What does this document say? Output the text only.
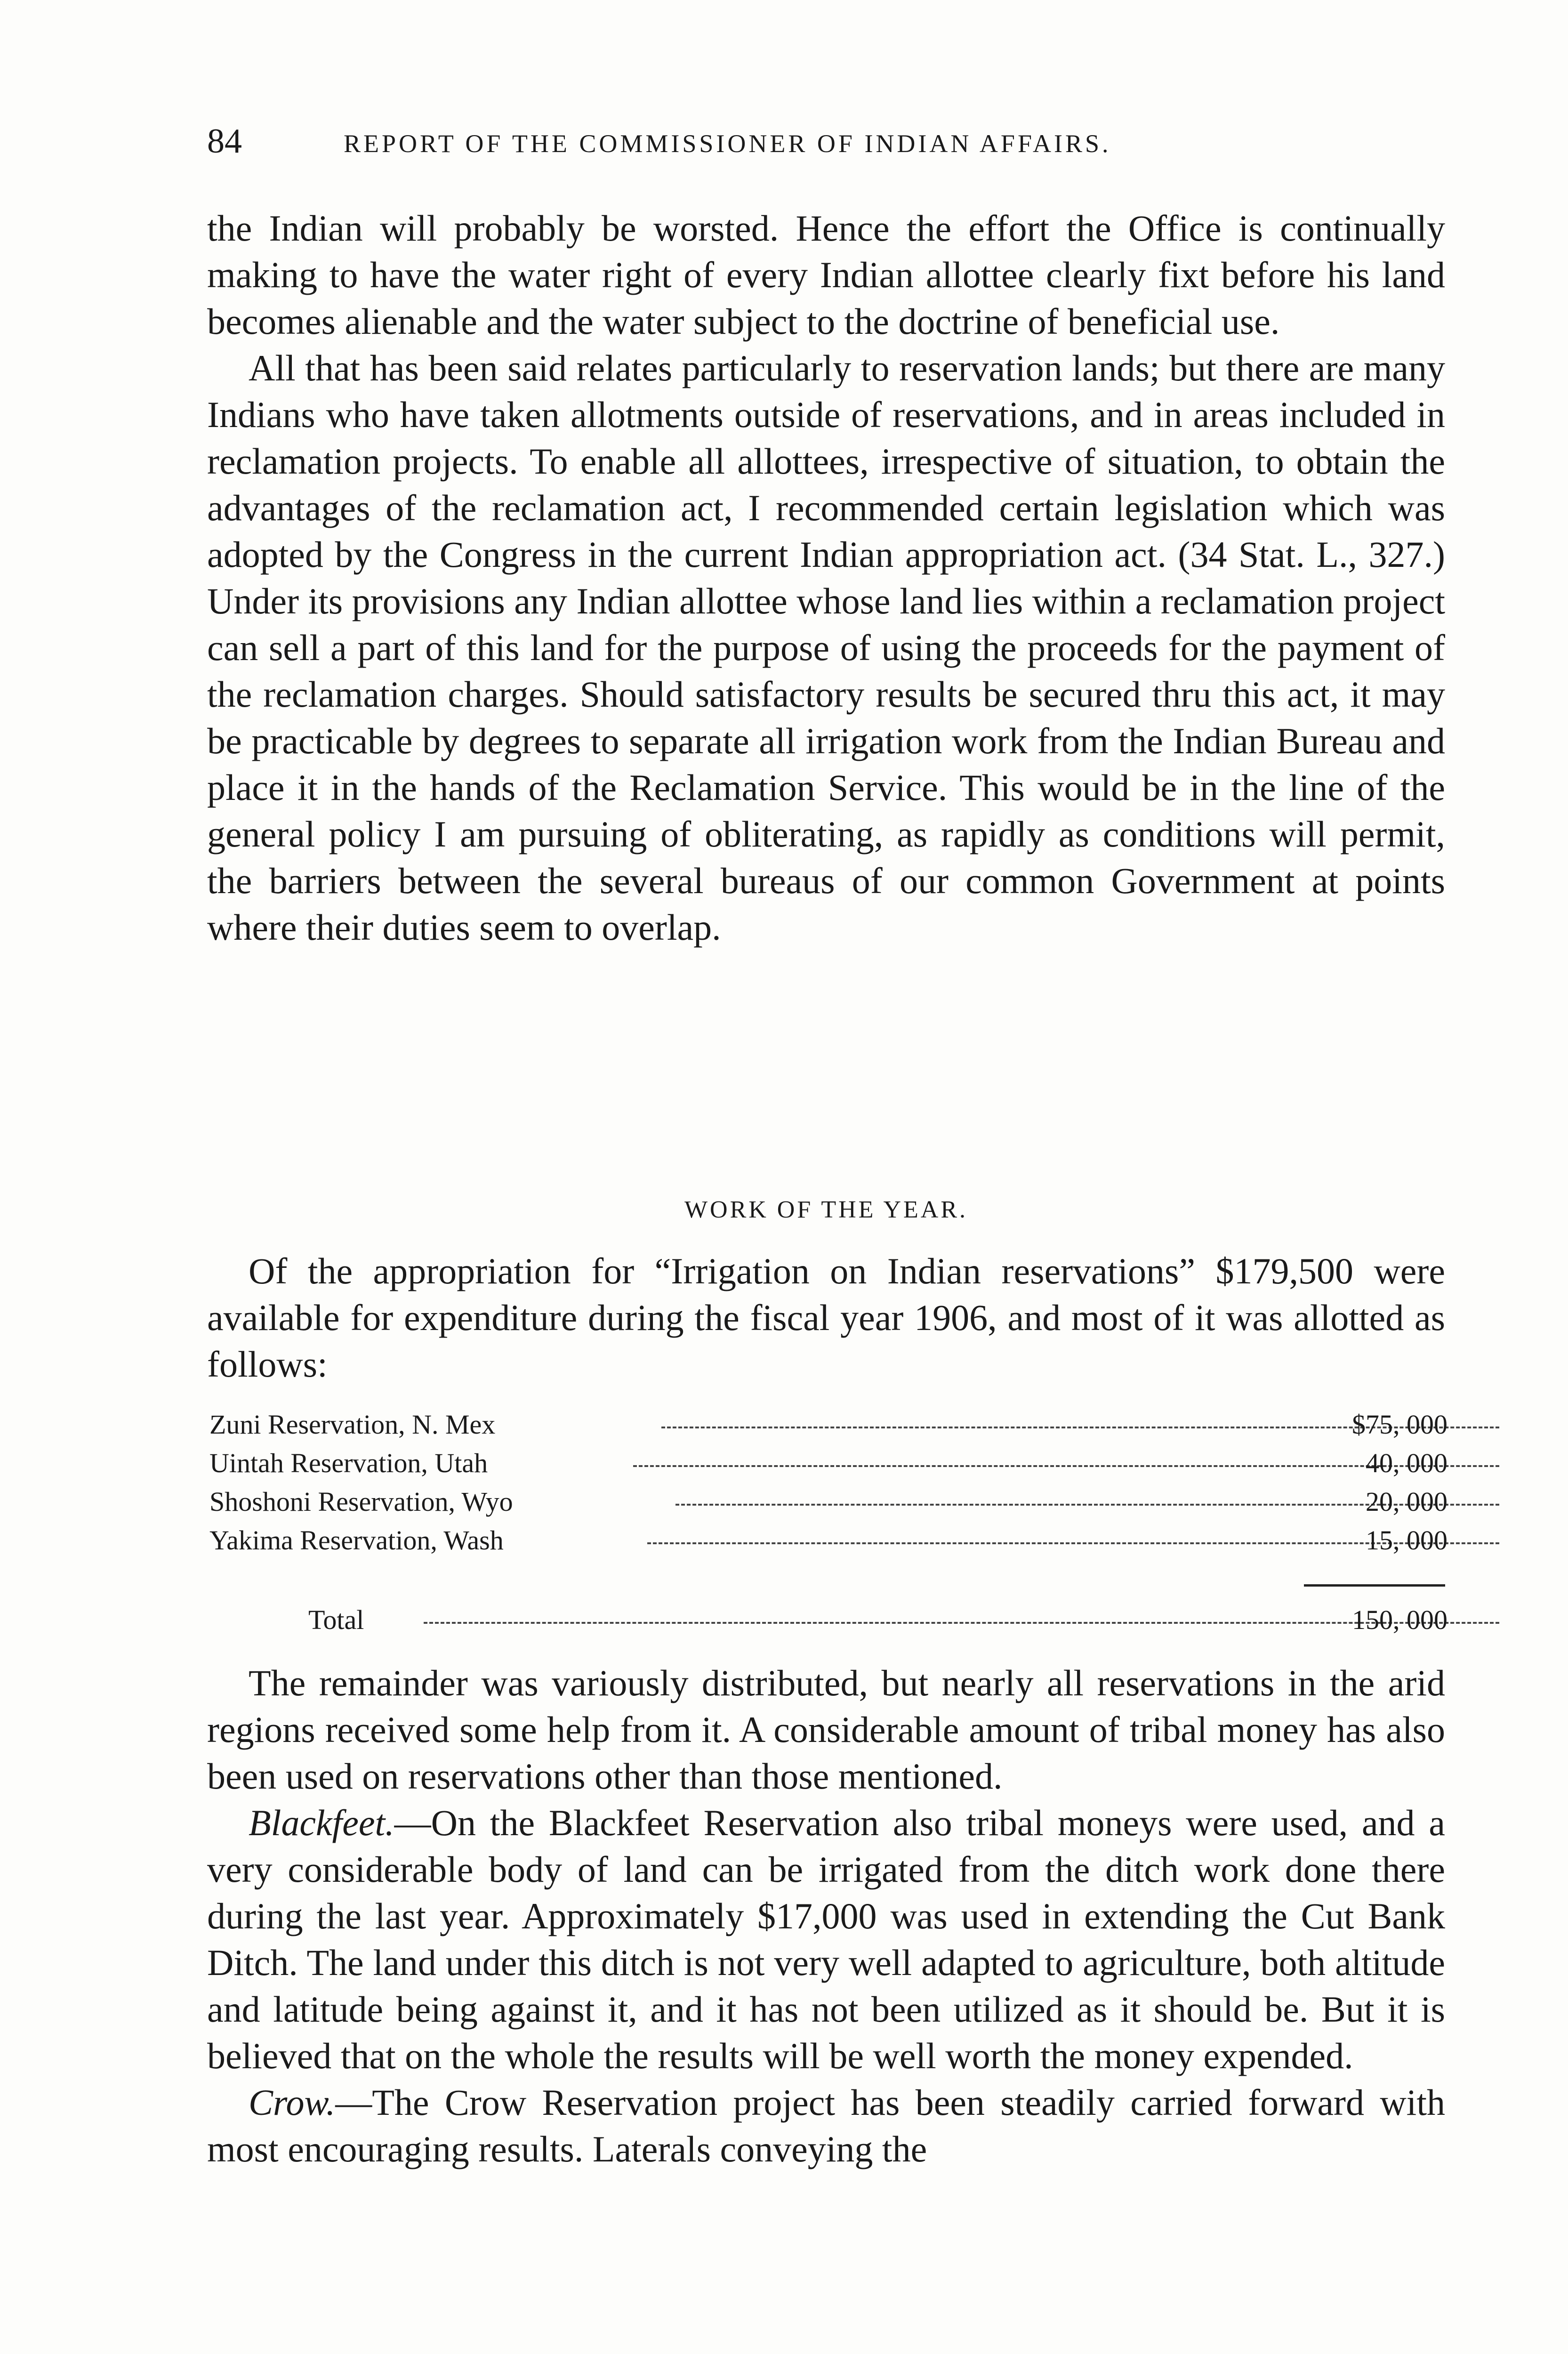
84	REPORT OF THE COMMISSIONER OF INDIAN AFFAIRS.

the Indian will probably be worsted. Hence the effort the Office is continually making to have the water right of every Indian allottee clearly fixt before his land becomes alienable and the water subject to the doctrine of beneficial use.

All that has been said relates particularly to reservation lands; but there are many Indians who have taken allotments outside of reservations, and in areas included in reclamation projects. To enable all allottees, irrespective of situation, to obtain the advantages of the reclamation act, I recommended certain legislation which was adopted by the Congress in the current Indian appropriation act. (34 Stat. L., 327.) Under its provisions any Indian allottee whose land lies within a reclamation project can sell a part of this land for the purpose of using the proceeds for the payment of the reclamation charges. Should satisfactory results be secured thru this act, it may be practicable by degrees to separate all irrigation work from the Indian Bureau and place it in the hands of the Reclamation Service. This would be in the line of the general policy I am pursuing of obliterating, as rapidly as conditions will permit, the barriers between the several bureaus of our common Government at points where their duties seem to overlap.

WORK OF THE YEAR.

Of the appropriation for “Irrigation on Indian reservations” $179,500 were available for expenditure during the fiscal year 1906, and most of it was allotted as follows:

Zuni Reservation, N. Mex	$75, 000
Uintah Reservation, Utah	40, 000
Shoshoni Reservation, Wyo	20, 000
Yakima Reservation, Wash	15, 000
Total	150, 000

The remainder was variously distributed, but nearly all reservations in the arid regions received some help from it. A considerable amount of tribal money has also been used on reservations other than those mentioned.

Blackfeet.—On the Blackfeet Reservation also tribal moneys were used, and a very considerable body of land can be irrigated from the ditch work done there during the last year. Approximately $17,000 was used in extending the Cut Bank Ditch. The land under this ditch is not very well adapted to agriculture, both altitude and latitude being against it, and it has not been utilized as it should be. But it is believed that on the whole the results will be well worth the money expended.

Crow.—The Crow Reservation project has been steadily carried forward with most encouraging results. Laterals conveying the
